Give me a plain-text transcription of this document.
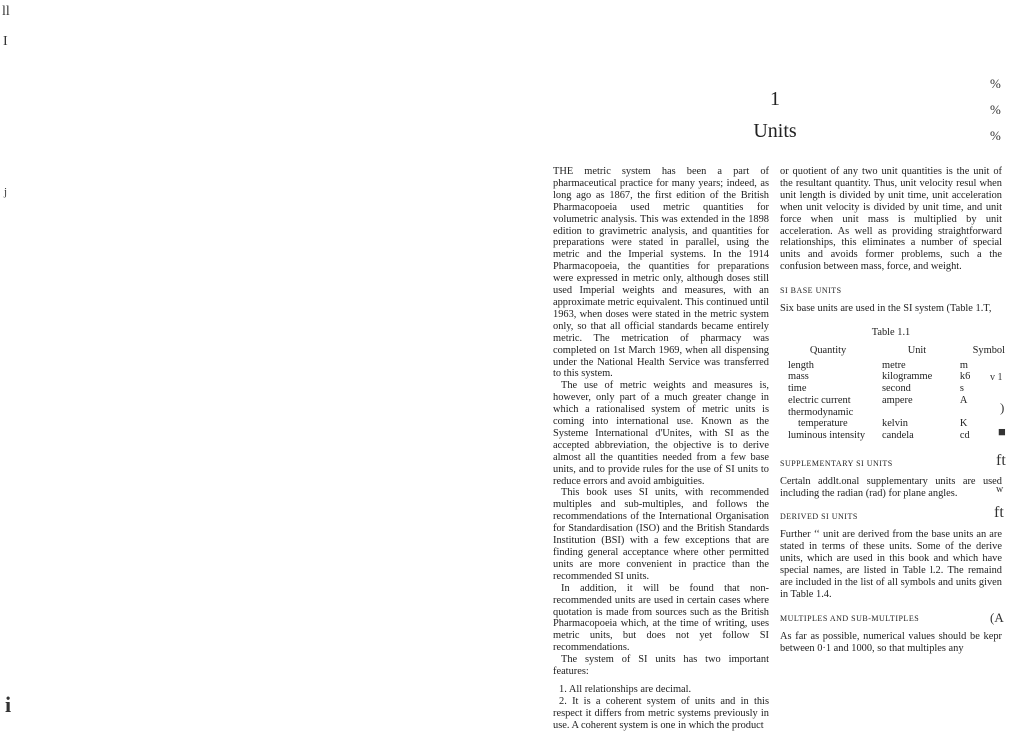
ll
I
j
i
%
%
%
v 1
)
■
ft
w
ft
(A
1
Units

THE metric system has been a part of pharmaceutical practice for many years; indeed, as long ago as 1867, the first edition of the British Pharmacopoeia used metric quantities for volumetric analysis. This was extended in the 1898 edition to gravimetric analysis, and quantities for preparations were stated in parallel, using the metric and the Imperial systems. In the 1914 Pharmacopoeia, the quantities for preparations were expressed in metric only, although doses still used Imperial weights and measures, with an approximate metric equivalent. This continued until 1963, when doses were stated in the metric system only, so that all official standards became entirely metric. The metrication of pharmacy was completed on 1st March 1969, when all dispensing under the National Health Service was transferred to this system.

The use of metric weights and measures is, however, only part of a much greater change in which a rationalised system of metric units is coming into international use. Known as the Systeme International d'Unites, with SI as the accepted abbreviation, the objective is to derive almost all the quantities needed from a few base units, and to provide rules for the use of SI units to reduce errors and avoid ambiguities.

This book uses SI units, with recommended multiples and sub-multiples, and follows the recommendations of the International Organisation for Standardisation (ISO) and the British Standards Institution (BSI) with a few exceptions that are finding general acceptance where other permitted units are more convenient in practice than the recommended SI units.

In addition, it will be found that non-recommended units are used in certain cases where quotation is made from sources such as the British Pharmacopoeia which, at the time of writing, uses metric units, but does not yet follow SI recommendations.

The system of SI units has two important features:

1. All relationships are decimal.

2. It is a coherent system of units and in this respect it differs from metric systems previously in use. A coherent system is one in which the product

or quotient of any two unit quantities is the unit of the resultant quantity. Thus, unit velocity resul when unit length is divided by unit time, unit acceleration when unit velocity is divided by unit time, and unit force when unit mass is multiplied by unit acceleration. As well as providing straightforward relationships, this eliminates a number of special units and avoids former problems, such a the confusion between mass, force, and weight.

SI BASE UNITS

Six base units are used in the SI system (Table 1.T,

Table 1.1
Quantity	Unit	Symbol
length	metre	m
mass	kilogramme	k6
time	second	s
electric current	ampere	A
thermodynamic		
temperature	kelvin	K
luminous intensity	candela	cd
SUPPLEMENTARY SI UNITS

Certaln addlt.onal supplementary units are used including the radian (rad) for plane angles.

DERIVED SI UNITS

Further ‘‘ unit are derived from the base units an are stated in terms of these units. Some of the derive units, which are used in this book and which have special names, are listed in Table l.2. The remaind are included in the list of all symbols and units given in Table 1.4.

MULTIPLES AND SUB-MULTIPLES

As far as possible, numerical values should be kepr between 0·1 and 1000, so that multiples any
